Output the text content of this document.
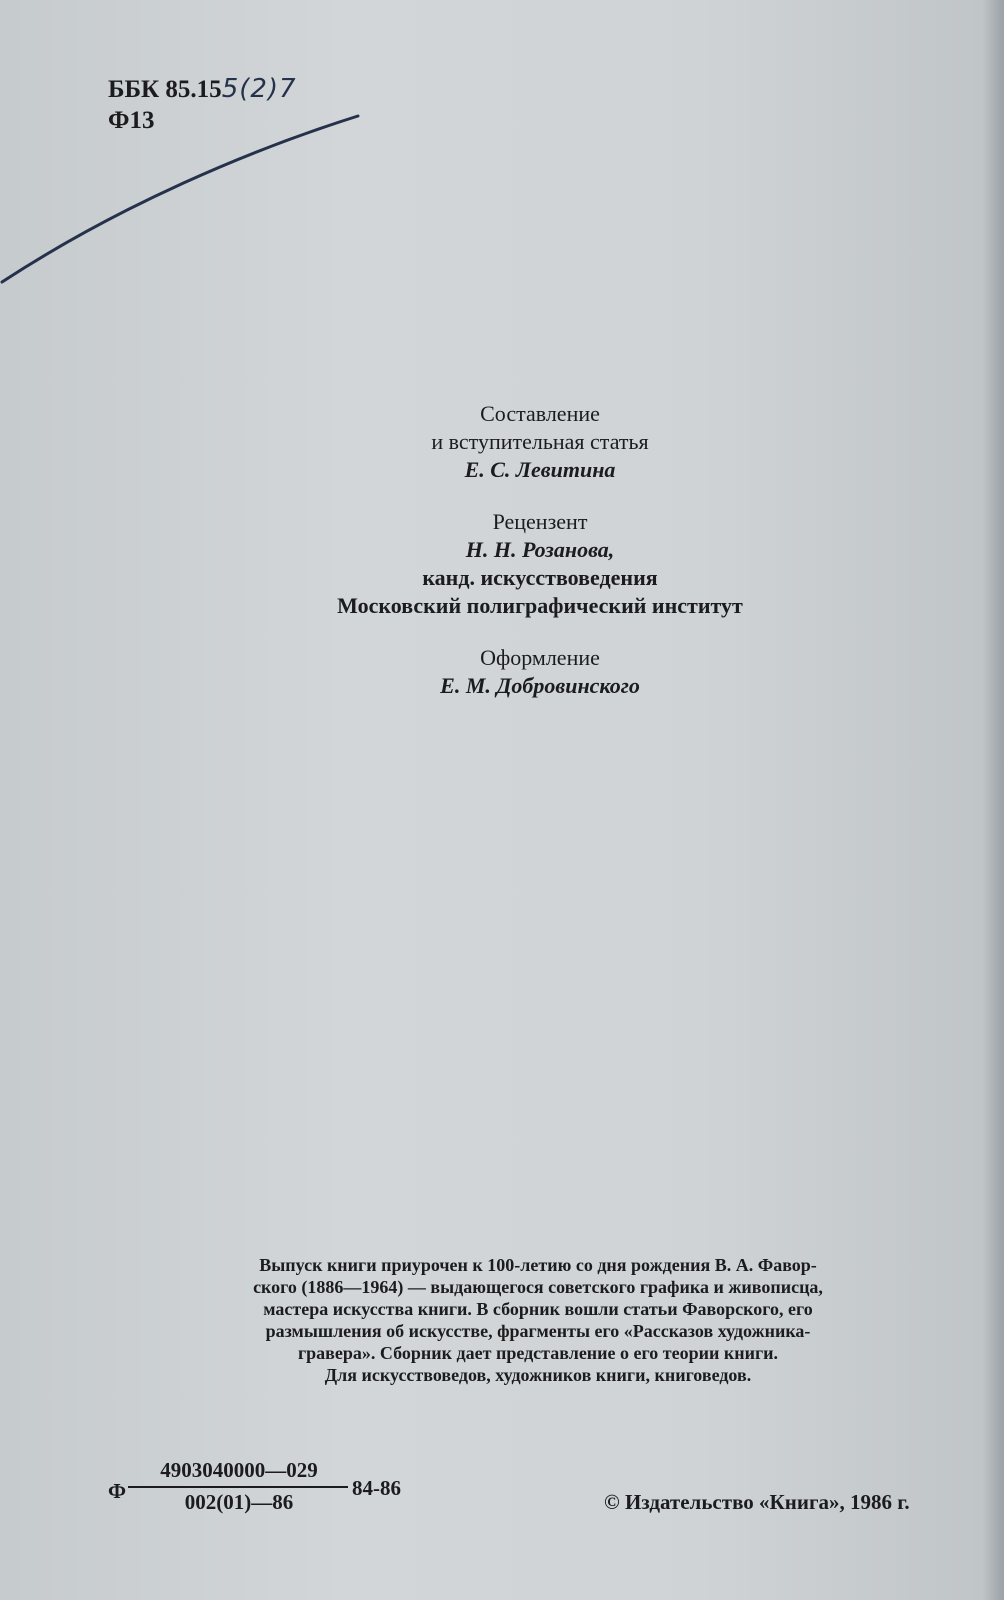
ББК 85.155(2)7
Ф13
Составление
и вступительная статья
Е. С. Левитина
Рецензент
Н. Н. Розанова,
канд. искусствоведения
Московский полиграфический институт
Оформление
Е. М. Добровинского
Выпуск книги приурочен к 100-летию со дня рождения В. А. Фавор-
ского (1886—1964) — выдающегося советского графика и живописца,
мастера искусства книги. В сборник вошли статьи Фаворского, его
размышления об искусстве, фрагменты его «Рассказов художника-
гравера». Сборник дает представление о его теории книги.
Для искусствоведов, художников книги, книговедов.
Ф
4903040000—029
002(01)—86
84-86
© Издательство «Книга», 1986 г.
